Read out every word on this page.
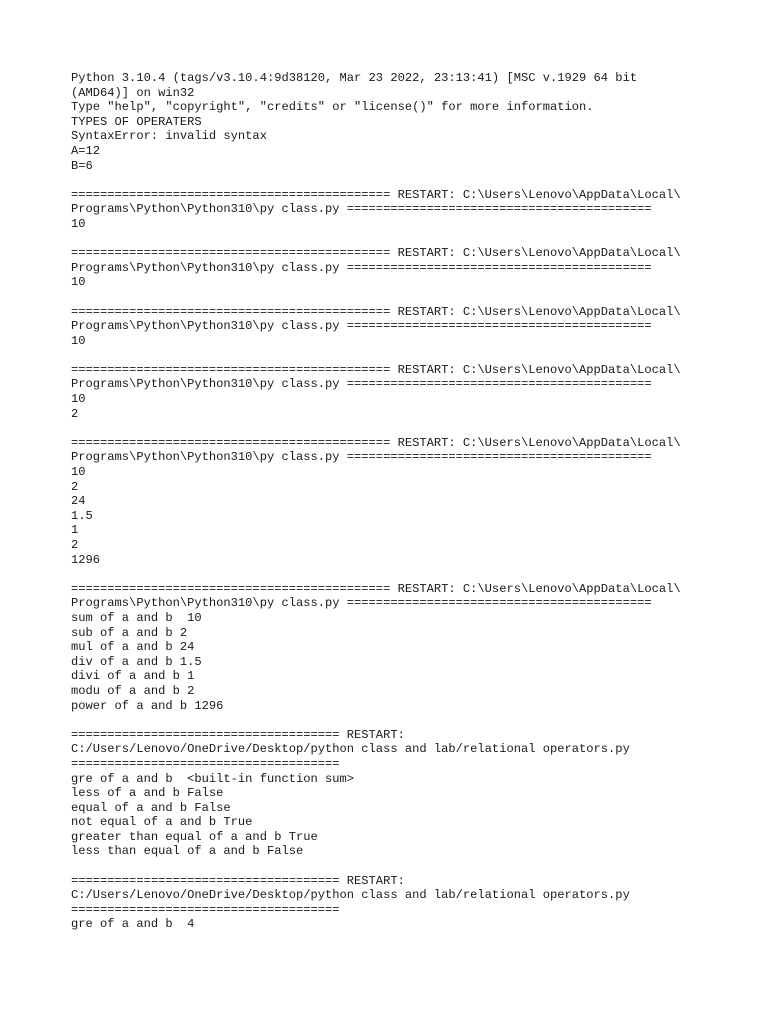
Python 3.10.4 (tags/v3.10.4:9d38120, Mar 23 2022, 23:13:41) [MSC v.1929 64 bit
(AMD64)] on win32
Type "help", "copyright", "credits" or "license()" for more information.
TYPES OF OPERATERS
SyntaxError: invalid syntax
A=12
B=6
============================================ RESTART: C:\Users\Lenovo\AppData\Local\
Programs\Python\Python310\py class.py ==========================================
10
============================================ RESTART: C:\Users\Lenovo\AppData\Local\
Programs\Python\Python310\py class.py ==========================================
10
============================================ RESTART: C:\Users\Lenovo\AppData\Local\
Programs\Python\Python310\py class.py ==========================================
10
============================================ RESTART: C:\Users\Lenovo\AppData\Local\
Programs\Python\Python310\py class.py ==========================================
10
2
============================================ RESTART: C:\Users\Lenovo\AppData\Local\
Programs\Python\Python310\py class.py ==========================================
10
2
24
1.5
1
2
1296
============================================ RESTART: C:\Users\Lenovo\AppData\Local\
Programs\Python\Python310\py class.py ==========================================
sum of a and b  10
sub of a and b 2
mul of a and b 24
div of a and b 1.5
divi of a and b 1
modu of a and b 2
power of a and b 1296
===================================== RESTART:
C:/Users/Lenovo/OneDrive/Desktop/python class and lab/relational operators.py
=====================================
gre of a and b  <built-in function sum>
less of a and b False
equal of a and b False
not equal of a and b True
greater than equal of a and b True
less than equal of a and b False
===================================== RESTART:
C:/Users/Lenovo/OneDrive/Desktop/python class and lab/relational operators.py
=====================================
gre of a and b  4
